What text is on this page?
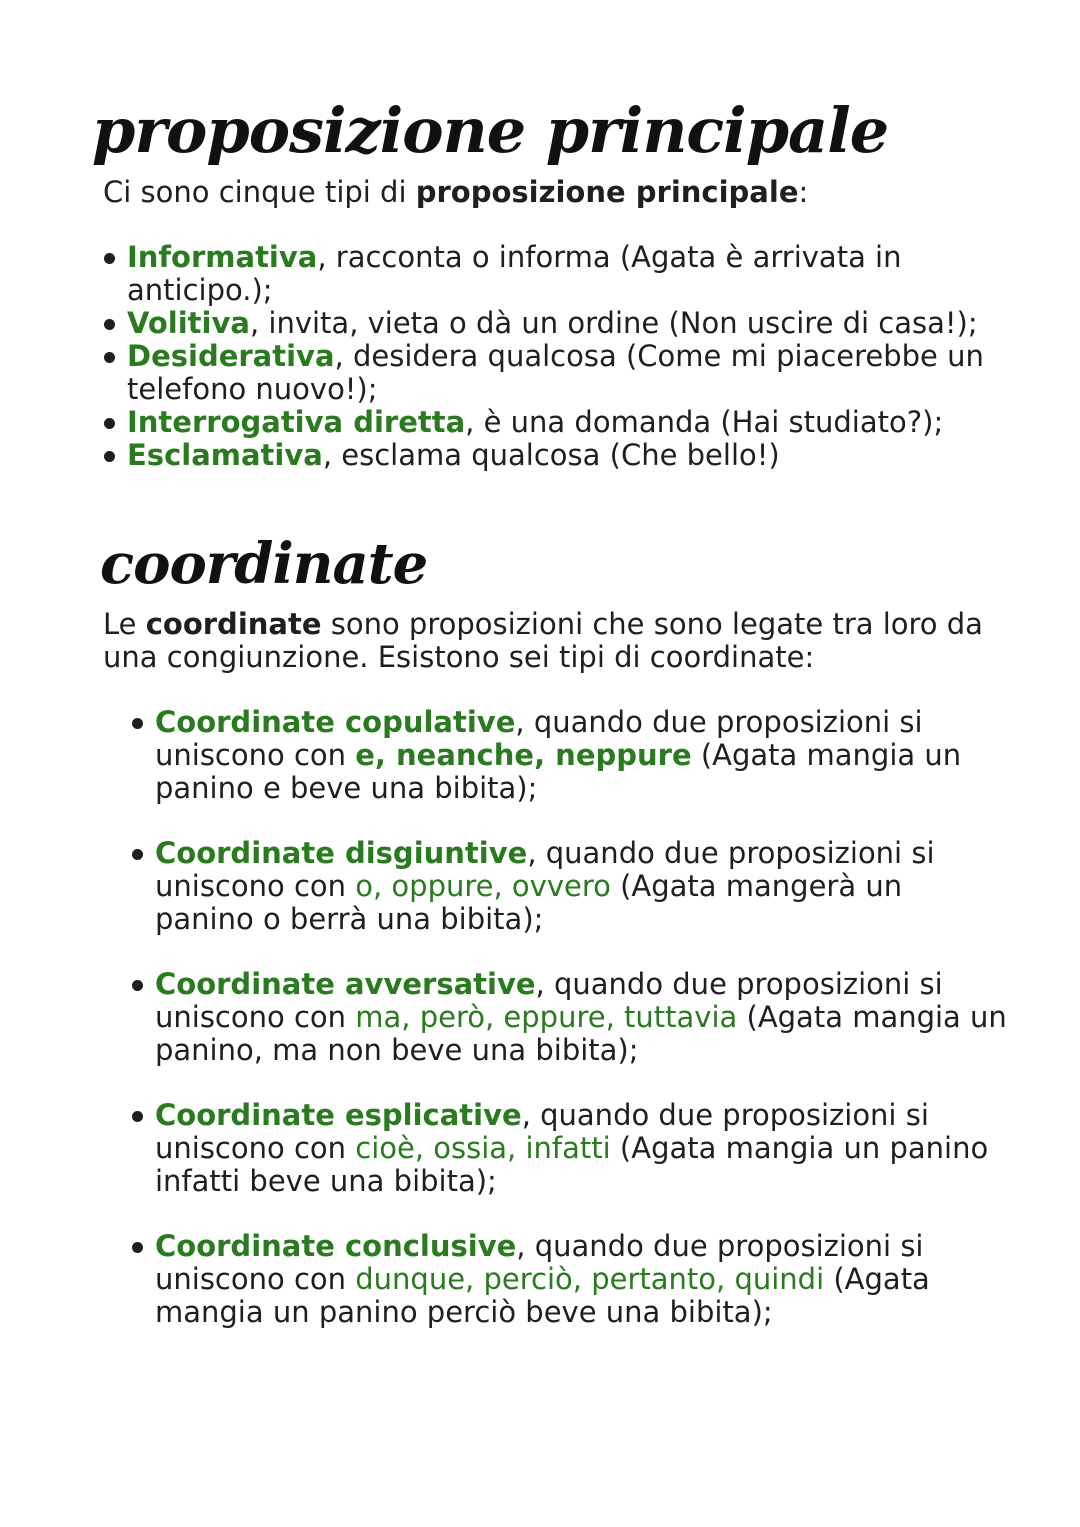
proposizione principale

Ci sono cinque tipi di proposizione principale:

Informativa, racconta o informa (Agata è arrivata in
anticipo.);
Volitiva, invita, vieta o dà un ordine (Non uscire di casa!);
Desiderativa, desidera qualcosa (Come mi piacerebbe un
telefono nuovo!);
Interrogativa diretta, è una domanda (Hai studiato?);
Esclamativa, esclama qualcosa (Che bello!)
coordinate

Le coordinate sono proposizioni che sono legate tra loro da
una congiunzione. Esistono sei tipi di coordinate:

Coordinate copulative, quando due proposizioni si
uniscono con e, neanche, neppure (Agata mangia un
panino e beve una bibita);
Coordinate disgiuntive, quando due proposizioni si
uniscono con o, oppure, ovvero (Agata mangerà un
panino o berrà una bibita);
Coordinate avversative, quando due proposizioni si
uniscono con ma, però, eppure, tuttavia (Agata mangia un
panino, ma non beve una bibita);
Coordinate esplicative, quando due proposizioni si
uniscono con cioè, ossia, infatti (Agata mangia un panino
infatti beve una bibita);
Coordinate conclusive, quando due proposizioni si
uniscono con dunque, perciò, pertanto, quindi (Agata
mangia un panino perciò beve una bibita);
